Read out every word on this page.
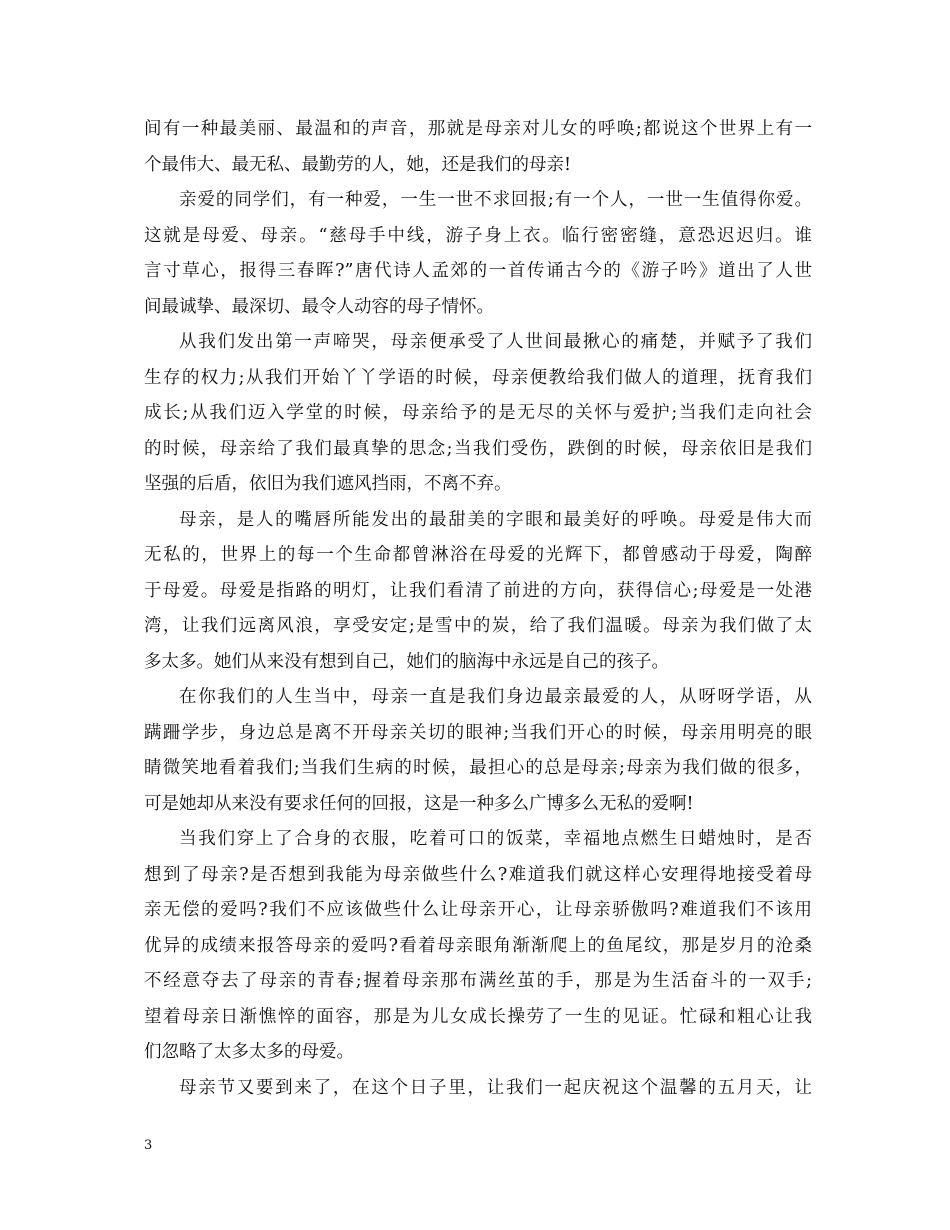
间有一种最美丽、最温和的声音，那就是母亲对儿女的呼唤;都说这个世界上有一
个最伟大、最无私、最勤劳的人，她，还是我们的母亲!
亲爱的同学们，有一种爱，一生一世不求回报;有一个人，一世一生值得你爱。
这就是母爱、母亲。“慈母手中线，游子身上衣。临行密密缝，意恐迟迟归。谁
言寸草心，报得三春晖?”唐代诗人孟郊的一首传诵古今的《游子吟》道出了人世
间最诚挚、最深切、最令人动容的母子情怀。
从我们发出第一声啼哭，母亲便承受了人世间最揪心的痛楚，并赋予了我们
生存的权力;从我们开始丫丫学语的时候，母亲便教给我们做人的道理，抚育我们
成长;从我们迈入学堂的时候，母亲给予的是无尽的关怀与爱护;当我们走向社会
的时候，母亲给了我们最真挚的思念;当我们受伤，跌倒的时候，母亲依旧是我们
坚强的后盾，依旧为我们遮风挡雨，不离不弃。
母亲，是人的嘴唇所能发出的最甜美的字眼和最美好的呼唤。母爱是伟大而
无私的，世界上的每一个生命都曾淋浴在母爱的光辉下，都曾感动于母爱，陶醉
于母爱。母爱是指路的明灯，让我们看清了前进的方向，获得信心;母爱是一处港
湾，让我们远离风浪，享受安定;是雪中的炭，给了我们温暖。母亲为我们做了太
多太多。她们从来没有想到自己，她们的脑海中永远是自己的孩子。
在你我们的人生当中，母亲一直是我们身边最亲最爱的人，从呀呀学语，从
蹒跚学步，身边总是离不开母亲关切的眼神;当我们开心的时候，母亲用明亮的眼
睛微笑地看着我们;当我们生病的时候，最担心的总是母亲;母亲为我们做的很多，
可是她却从来没有要求任何的回报，这是一种多么广博多么无私的爱啊!
当我们穿上了合身的衣服，吃着可口的饭菜，幸福地点燃生日蜡烛时，是否
想到了母亲?是否想到我能为母亲做些什么?难道我们就这样心安理得地接受着母
亲无偿的爱吗?我们不应该做些什么让母亲开心，让母亲骄傲吗?难道我们不该用
优异的成绩来报答母亲的爱吗?看着母亲眼角渐渐爬上的鱼尾纹，那是岁月的沧桑
不经意夺去了母亲的青春;握着母亲那布满丝茧的手，那是为生活奋斗的一双手;
望着母亲日渐憔悴的面容，那是为儿女成长操劳了一生的见证。忙碌和粗心让我
们忽略了太多太多的母爱。
母亲节又要到来了，在这个日子里，让我们一起庆祝这个温馨的五月天，让
3
